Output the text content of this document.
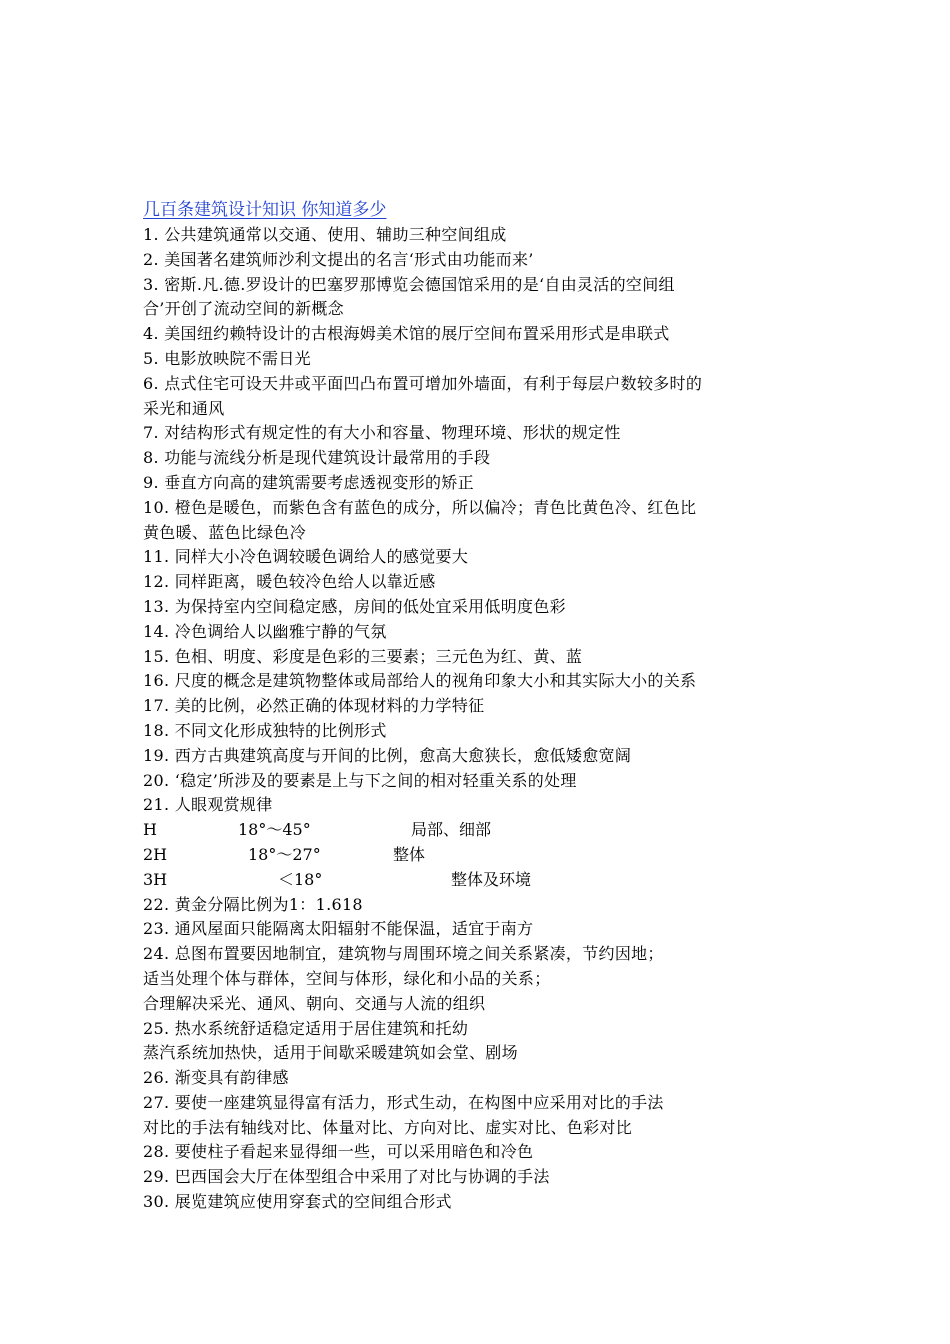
几百条建筑设计知识 你知道多少
1. 公共建筑通常以交通、使用、辅助三种空间组成
2. 美国著名建筑师沙利文提出的名言‘形式由功能而来’
3. 密斯.凡.德.罗设计的巴塞罗那博览会德国馆采用的是‘自由灵活的空间组
合’开创了流动空间的新概念
4. 美国纽约赖特设计的古根海姆美术馆的展厅空间布置采用形式是串联式
5. 电影放映院不需日光
6. 点式住宅可设天井或平面凹凸布置可增加外墙面，有利于每层户数较多时的
采光和通风
7. 对结构形式有规定性的有大小和容量、物理环境、形状的规定性
8. 功能与流线分析是现代建筑设计最常用的手段
9. 垂直方向高的建筑需要考虑透视变形的矫正
10. 橙色是暖色，而紫色含有蓝色的成分，所以偏冷；青色比黄色冷、红色比
黄色暖、蓝色比绿色冷
11. 同样大小冷色调较暖色调给人的感觉要大
12. 同样距离，暖色较冷色给人以靠近感
13. 为保持室内空间稳定感，房间的低处宜采用低明度色彩
14. 冷色调给人以幽雅宁静的气氛
15. 色相、明度、彩度是色彩的三要素；三元色为红、黄、蓝
16. 尺度的概念是建筑物整体或局部给人的视角印象大小和其实际大小的关系
17. 美的比例，必然正确的体现材料的力学特征
18. 不同文化形成独特的比例形式
19. 西方古典建筑高度与开间的比例，愈高大愈狭长，愈低矮愈宽阔
20. ‘稳定’所涉及的要素是上与下之间的相对轻重关系的处理
21. 人眼观赏规律
H	18°～45°	局部、细部
2H	18°～27°	整体
3H	＜18°	整体及环境
22. 黄金分隔比例为1：1.618
23. 通风屋面只能隔离太阳辐射不能保温，适宜于南方
24. 总图布置要因地制宜，建筑物与周围环境之间关系紧凑，节约因地；
适当处理个体与群体，空间与体形，绿化和小品的关系；
合理解决采光、通风、朝向、交通与人流的组织
25. 热水系统舒适稳定适用于居住建筑和托幼
蒸汽系统加热快，适用于间歇采暖建筑如会堂、剧场
26. 渐变具有韵律感
27. 要使一座建筑显得富有活力，形式生动，在构图中应采用对比的手法
对比的手法有轴线对比、体量对比、方向对比、虚实对比、色彩对比
28. 要使柱子看起来显得细一些，可以采用暗色和冷色
29. 巴西国会大厅在体型组合中采用了对比与协调的手法
30. 展览建筑应使用穿套式的空间组合形式
